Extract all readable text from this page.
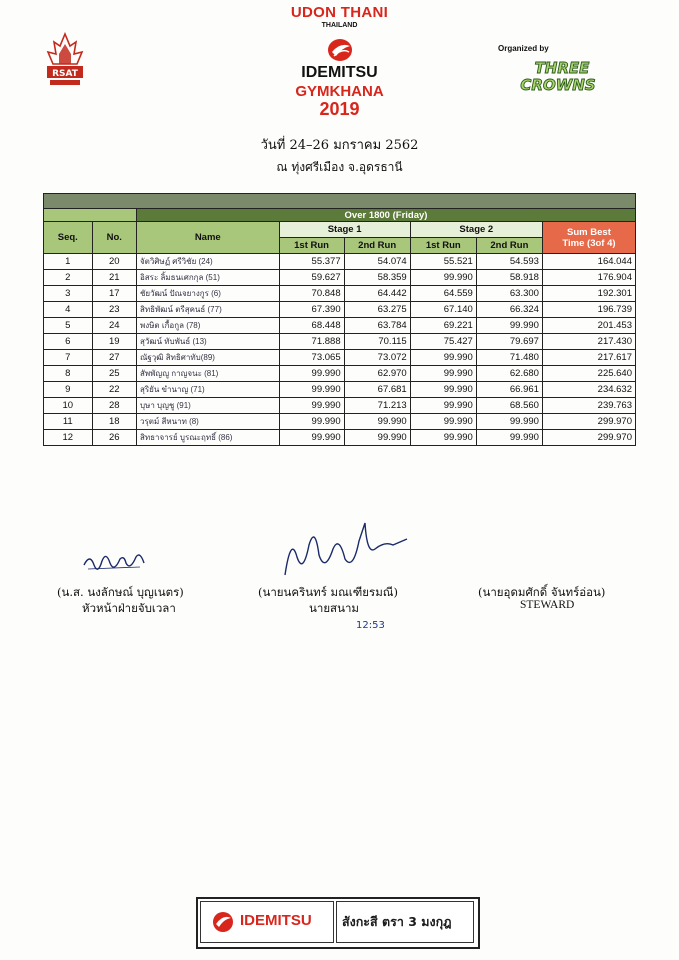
UDON THANI
THAILAND
RSAT	IDEMITSU
GYMKHANA
2019
Organized by
THREE
CROWNS
วันที่ 24–26 มกราคม 2562
ณ ทุ่งศรีเมือง จ.อุดรธานี

		Over 1800 (Friday)					
Seq.	No.	Name	Stage 1		Stage 2		Sum Best
Time (3of 4)
			1st Run	2nd Run	1st Run	2nd Run	
1	20	จัตวิศิษฏ์ ศรีวิชัย (24)	55.377	54.074	55.521	54.593	164.044
2	21	อิสระ ลิ้มธนเศกกุล (51)	59.627	58.359	99.990	58.918	176.904
3	17	ชัยวัฒน์ ปัณจยางกูร (6)	70.848	64.442	64.559	63.300	192.301
4	23	สิทธิพัฒน์ ตรีสุคนธ์ (77)	67.390	63.275	67.140	66.324	196.739
5	24	พงษิต เกื้อกูล (78)	68.448	63.784	69.221	99.990	201.453
6	19	สุวัฒน์ ทับพันธ์ (13)	71.888	70.115	75.427	79.697	217.430
7	27	ณัฐวุฒิ สิทธิศาทับ(89)	73.065	73.072	99.990	71.480	217.617
8	25	สัพพัญญู กาญจนะ (81)	99.990	62.970	99.990	62.680	225.640
9	22	สุริยัน ขำนาญ (71)	99.990	67.681	99.990	66.961	234.632
10	28	บุษา บุญชู (91)	99.990	71.213	99.990	68.560	239.763
11	18	วรุตม์ สีหนาท (8)	99.990	99.990	99.990	99.990	299.970
12	26	สิทธาจารย์ บูรณะฤทธิ์ (86)	99.990	99.990	99.990	99.990	299.970
(น.ส. นงลักษณ์ บุญเนตร)
หัวหน้าฝ่ายจับเวลา
(นายนครินทร์ มณเฑียรมณี)
นายสนาม
(นายอุดมศักดิ์ จันทร์อ่อน)
STEWARD
12:53
IDEMITSU สังกะสี ตรา 3 มงกุฎ
